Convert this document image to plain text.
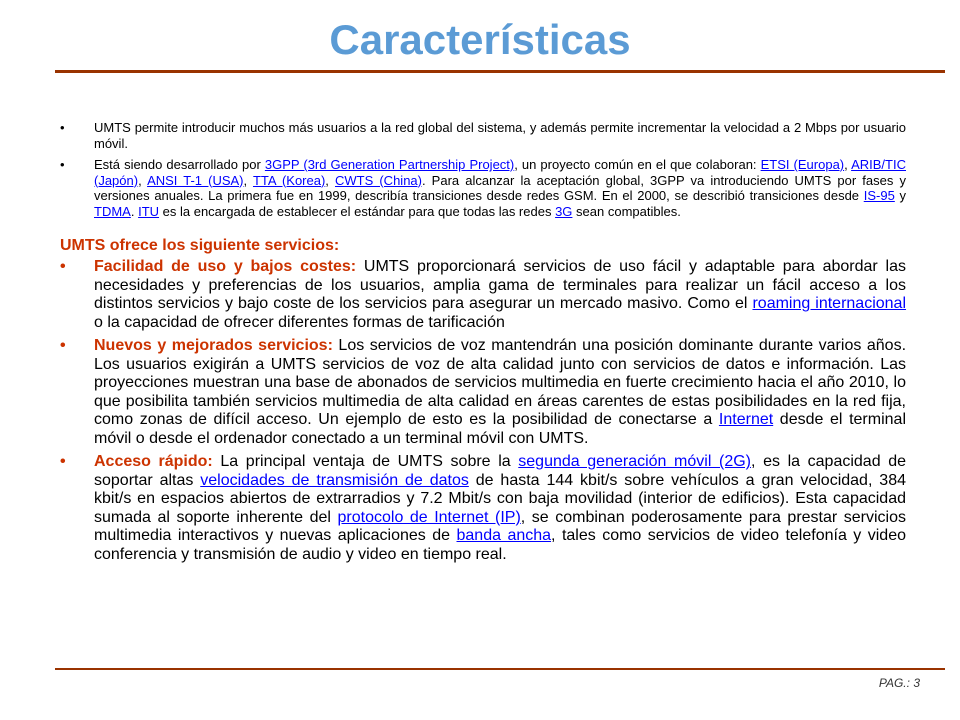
Características
• UMTS permite introducir muchos más usuarios a la red global del sistema, y además permite incrementar la velocidad a 2 Mbps por usuario móvil.
• Está siendo desarrollado por 3GPP (3rd Generation Partnership Project), un proyecto común en el que colaboran: ETSI (Europa), ARIB/TIC (Japón), ANSI T-1 (USA), TTA (Korea), CWTS (China). Para alcanzar la aceptación global, 3GPP va introduciendo UMTS por fases y versiones anuales. La primera fue en 1999, describía transiciones desde redes GSM. En el 2000, se describió transiciones desde IS-95 y TDMA. ITU es la encargada de establecer el estándar para que todas las redes 3G sean compatibles.
UMTS ofrece los siguiente servicios:
• Facilidad de uso y bajos costes: UMTS proporcionará servicios de uso fácil y adaptable para abordar las necesidades y preferencias de los usuarios, amplia gama de terminales para realizar un fácil acceso a los distintos servicios y bajo coste de los servicios para asegurar un mercado masivo. Como el roaming internacional o la capacidad de ofrecer diferentes formas de tarificación
• Nuevos y mejorados servicios: Los servicios de voz mantendrán una posición dominante durante varios años. Los usuarios exigirán a UMTS servicios de voz de alta calidad junto con servicios de datos e información. Las proyecciones muestran una base de abonados de servicios multimedia en fuerte crecimiento hacia el año 2010, lo que posibilita también servicios multimedia de alta calidad en áreas carentes de estas posibilidades en la red fija, como zonas de difícil acceso. Un ejemplo de esto es la posibilidad de conectarse a Internet desde el terminal móvil o desde el ordenador conectado a un terminal móvil con UMTS.
• Acceso rápido: La principal ventaja de UMTS sobre la segunda generación móvil (2G), es la capacidad de soportar altas velocidades de transmisión de datos de hasta 144 kbit/s sobre vehículos a gran velocidad, 384 kbit/s en espacios abiertos de extrarradios y 7.2 Mbit/s con baja movilidad (interior de edificios). Esta capacidad sumada al soporte inherente del protocolo de Internet (IP), se combinan poderosamente para prestar servicios multimedia interactivos y nuevas aplicaciones de banda ancha, tales como servicios de video telefonía y video conferencia y transmisión de audio y video en tiempo real.
PAG.: 3
